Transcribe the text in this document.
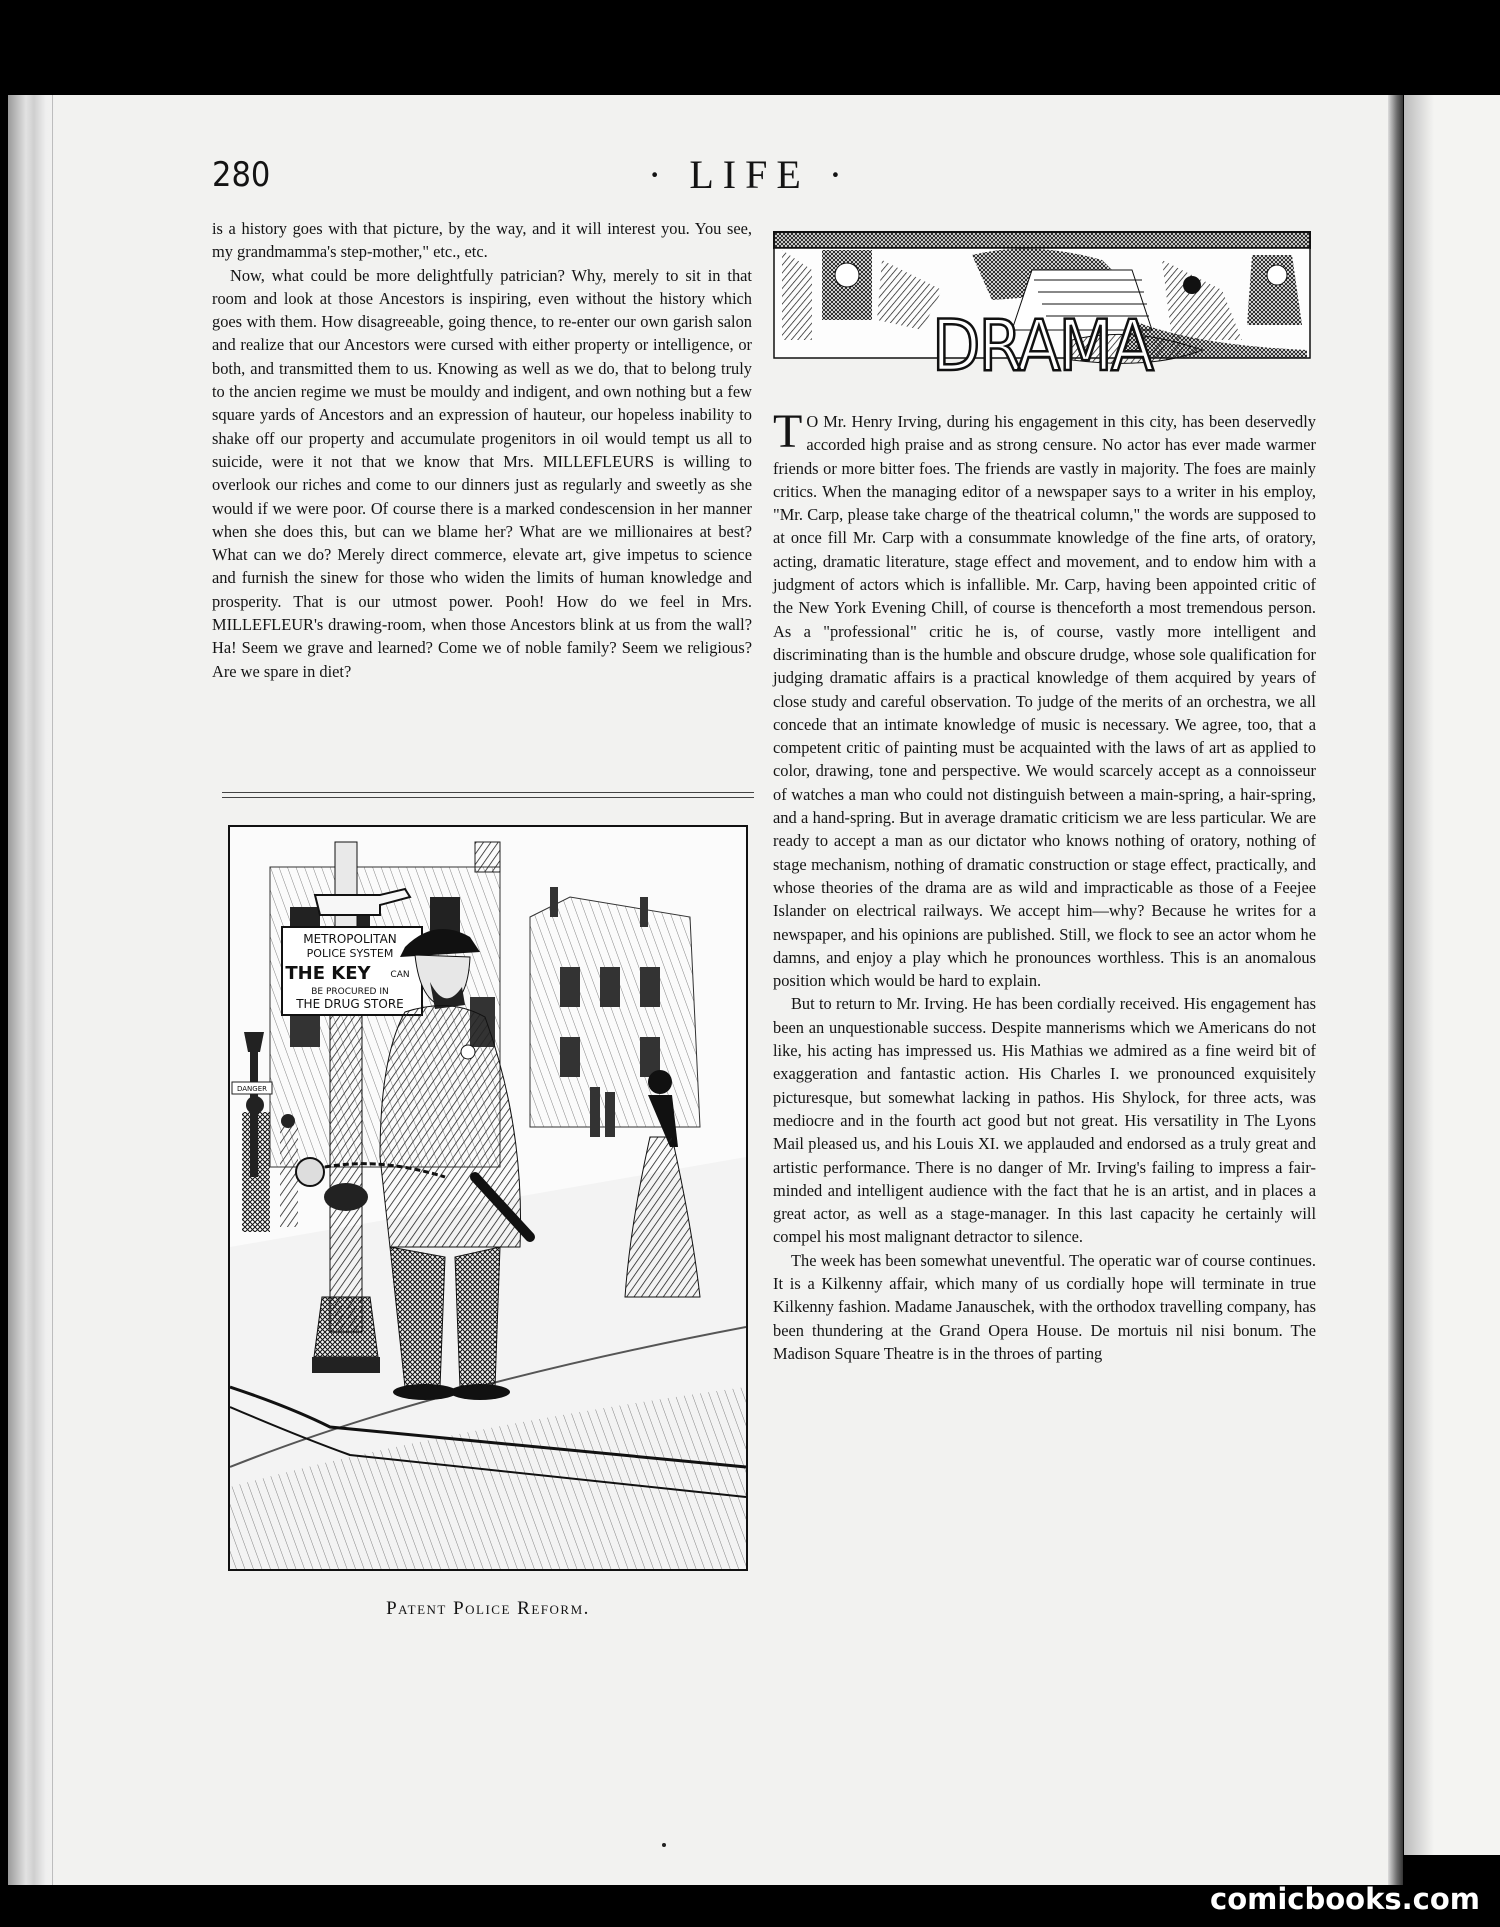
280	· LIFE ·

is a history goes with that picture, by the way, and it will interest you. You see, my grandmamma's step-mother," etc., etc.

Now, what could be more delightfully patrician? Why, merely to sit in that room and look at those Ancestors is inspiring, even without the history which goes with them. How disagreeable, going thence, to re-enter our own garish salon and realize that our Ancestors were cursed with either property or intelligence, or both, and transmitted them to us. Knowing as well as we do, that to belong truly to the ancien regime we must be mouldy and indigent, and own nothing but a few square yards of Ancestors and an expression of hauteur, our hopeless inability to shake off our property and accumulate progenitors in oil would tempt us all to suicide, were it not that we know that Mrs. MILLEFLEURS is willing to overlook our riches and come to our dinners just as regularly and sweetly as she would if we were poor. Of course there is a marked condescension in her manner when she does this, but can we blame her? What are we millionaires at best? What can we do? Merely direct commerce, elevate art, give impetus to science and furnish the sinew for those who widen the limits of human knowledge and prosperity. That is our utmost power. Pooh! How do we feel in Mrs. MILLEFLEUR's drawing-room, when those Ancestors blink at us from the wall? Ha! Seem we grave and learned? Come we of noble family? Seem we religious? Are we spare in diet?

DANGER
METROPOLITAN
POLICE SYSTEM
THE KEY CAN
BE PROCURED IN
THE DRUG STORE
Patent Police Reform.
DRAMA

T O Mr. Henry Irving, during his engagement in this city, has been deservedly accorded high praise and as strong censure. No actor has ever made warmer friends or more bitter foes. The friends are vastly in majority. The foes are mainly critics. When the managing editor of a newspaper says to a writer in his employ, "Mr. Carp, please take charge of the theatrical column," the words are supposed to at once fill Mr. Carp with a consummate knowledge of the fine arts, of oratory, acting, dramatic literature, stage effect and movement, and to endow him with a judgment of actors which is infallible. Mr. Carp, having been appointed critic of the New York Evening Chill, of course is thenceforth a most tremendous person. As a "professional" critic he is, of course, vastly more intelligent and discriminating than is the humble and obscure drudge, whose sole qualification for judging dramatic affairs is a practical knowledge of them acquired by years of close study and careful observation. To judge of the merits of an orchestra, we all concede that an intimate knowledge of music is necessary. We agree, too, that a competent critic of painting must be acquainted with the laws of art as applied to color, drawing, tone and perspective. We would scarcely accept as a connoisseur of watches a man who could not distinguish between a main-spring, a hair-spring, and a hand-spring. But in average dramatic criticism we are less particular. We are ready to accept a man as our dictator who knows nothing of oratory, nothing of stage mechanism, nothing of dramatic construction or stage effect, practically, and whose theories of the drama are as wild and impracticable as those of a Feejee Islander on electrical railways. We accept him—why? Because he writes for a newspaper, and his opinions are published. Still, we flock to see an actor whom he damns, and enjoy a play which he pronounces worthless. This is an anomalous position which would be hard to explain.

But to return to Mr. Irving. He has been cordially received. His engagement has been an unquestionable success. Despite mannerisms which we Americans do not like, his acting has impressed us. His Mathias we admired as a fine weird bit of exaggeration and fantastic action. His Charles I. we pronounced exquisitely picturesque, but somewhat lacking in pathos. His Shylock, for three acts, was mediocre and in the fourth act good but not great. His versatility in The Lyons Mail pleased us, and his Louis XI. we applauded and endorsed as a truly great and artistic performance. There is no danger of Mr. Irving's failing to impress a fair-minded and intelligent audience with the fact that he is an artist, and in places a great actor, as well as a stage-manager. In this last capacity he certainly will compel his most malignant detractor to silence.

The week has been somewhat uneventful. The operatic war of course continues. It is a Kilkenny affair, which many of us cordially hope will terminate in true Kilkenny fashion. Madame Janauschek, with the orthodox travelling company, has been thundering at the Grand Opera House. De mortuis nil nisi bonum. The Madison Square Theatre is in the throes of parting

comicbooks.com
